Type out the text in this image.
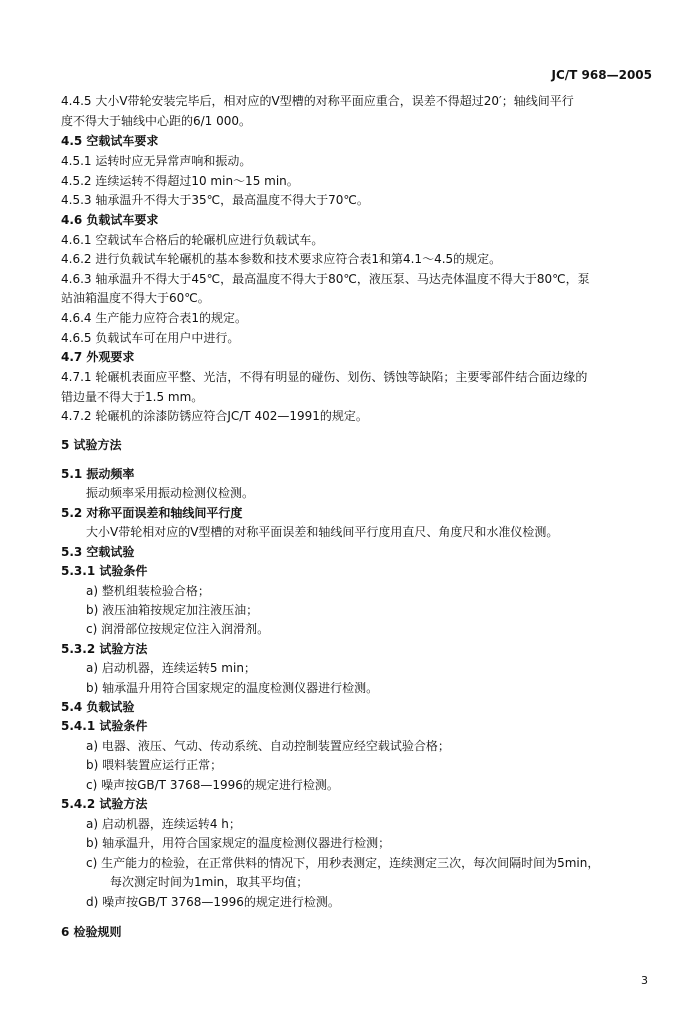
JC/T 968—2005
4.4.5 大小V带轮安装完毕后，相对应的V型槽的对称平面应重合，误差不得超过20′；轴线间平行
度不得大于轴线中心距的6/1 000。
4.5 空载试车要求
4.5.1 运转时应无异常声响和振动。
4.5.2 连续运转不得超过10 min～15 min。
4.5.3 轴承温升不得大于35℃，最高温度不得大于70℃。
4.6 负载试车要求
4.6.1 空载试车合格后的轮碾机应进行负载试车。
4.6.2 进行负载试车轮碾机的基本参数和技术要求应符合表1和第4.1～4.5的规定。
4.6.3 轴承温升不得大于45℃，最高温度不得大于80℃，液压泵、马达壳体温度不得大于80℃，泵
站油箱温度不得大于60℃。
4.6.4 生产能力应符合表1的规定。
4.6.5 负载试车可在用户中进行。
4.7 外观要求
4.7.1 轮碾机表面应平整、光洁，不得有明显的碰伤、划伤、锈蚀等缺陷；主要零部件结合面边缘的
错边量不得大于1.5 mm。
4.7.2 轮碾机的涂漆防锈应符合JC/T 402—1991的规定。
5 试验方法
5.1 振动频率
振动频率采用振动检测仪检测。
5.2 对称平面误差和轴线间平行度
大小V带轮相对应的V型槽的对称平面误差和轴线间平行度用直尺、角度尺和水准仪检测。
5.3 空载试验
5.3.1 试验条件
a) 整机组装检验合格；
b) 液压油箱按规定加注液压油；
c) 润滑部位按规定位注入润滑剂。
5.3.2 试验方法
a) 启动机器，连续运转5 min；
b) 轴承温升用符合国家规定的温度检测仪器进行检测。
5.4 负载试验
5.4.1 试验条件
a) 电器、液压、气动、传动系统、自动控制装置应经空载试验合格；
b) 喂料装置应运行正常；
c) 噪声按GB/T 3768—1996的规定进行检测。
5.4.2 试验方法
a) 启动机器，连续运转4 h；
b) 轴承温升，用符合国家规定的温度检测仪器进行检测；
c) 生产能力的检验，在正常供料的情况下，用秒表测定，连续测定三次，每次间隔时间为5min，
每次测定时间为1min，取其平均值；
d) 噪声按GB/T 3768—1996的规定进行检测。
6 检验规则
3
